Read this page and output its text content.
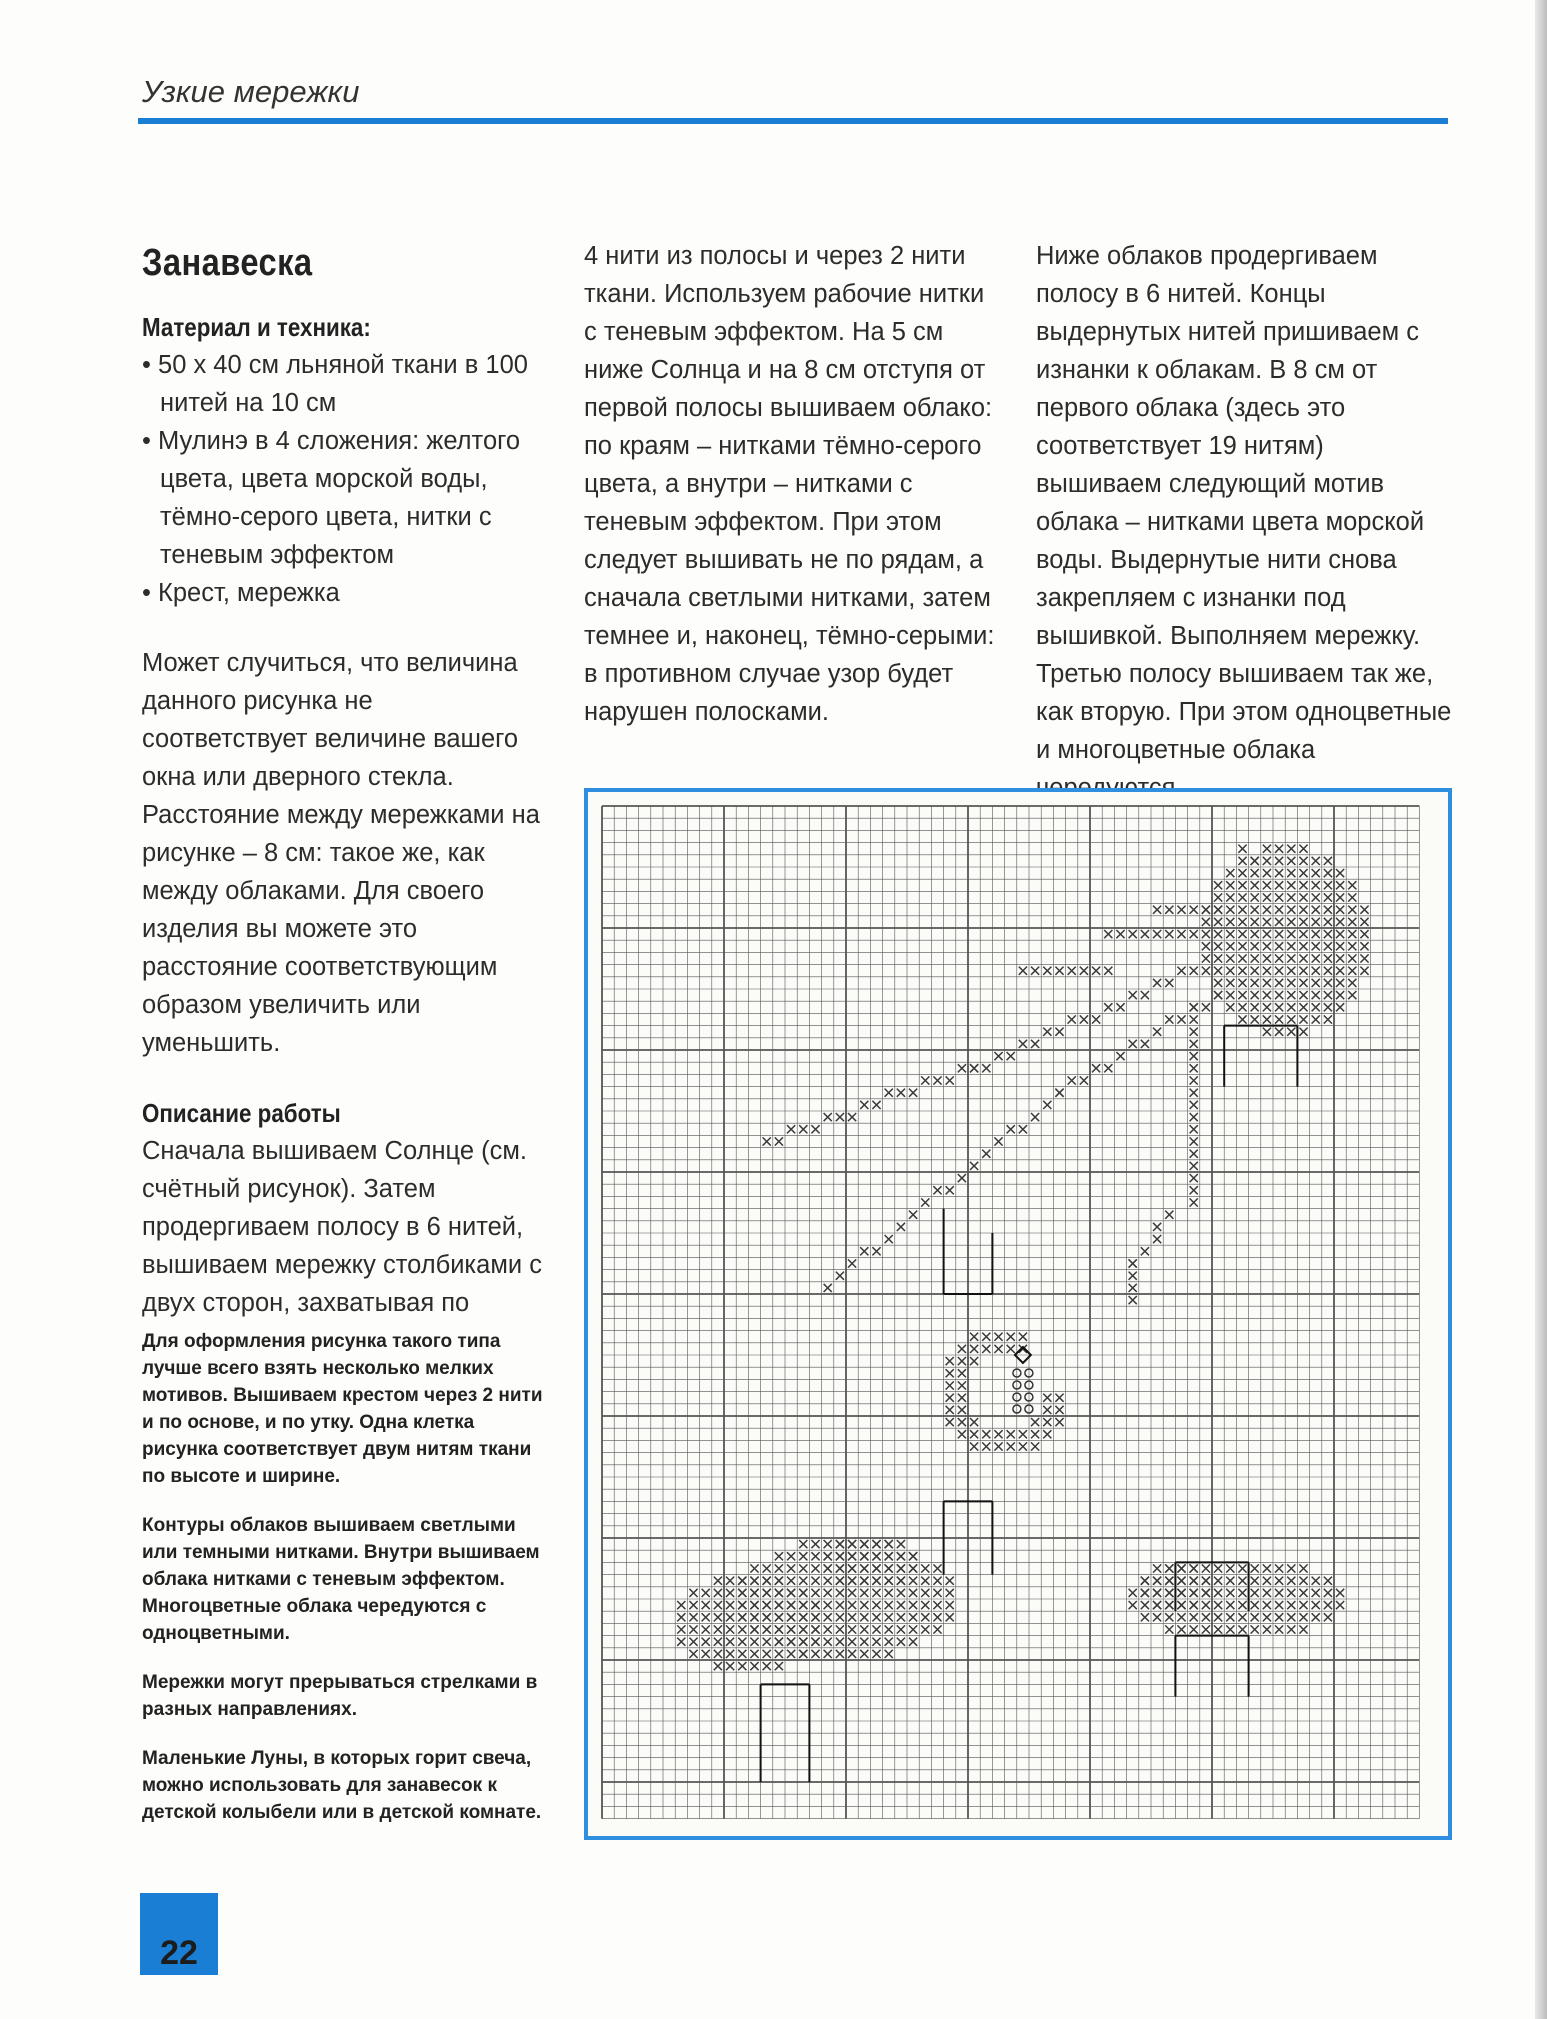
Узкие мережки
Занавеска

Материал и техника:

• 50 х 40 см льняной ткани в 100 нитей на 10 см
• Мулинэ в 4 сложения: желтого цвета, цвета морской воды, тёмно-серого цвета, нитки с теневым эффектом
• Крест, мережка

Может случиться, что величина данного рисунка не соответствует величине вашего окна или дверного стекла. Расстояние между мережками на рисунке – 8 см: такое же, как между облаками. Для своего изделия вы можете это расстояние соответствующим образом увеличить или уменьшить.

Описание работы

Сначала вышиваем Солнце (см. счётный рисунок). Затем продергиваем полосу в 6 нитей, вышиваем мережку столбиками с двух сторон, захватывая по

4 нити из полосы и через 2 нити ткани. Используем рабочие нитки с теневым эффектом. На 5 см ниже Солнца и на 8 см отступя от первой полосы вышиваем облако: по краям – нитками тёмно-серого цвета, а внутри – нитками с теневым эффектом. При этом следует вышивать не по рядам, а сначала светлыми нитками, затем темнее и, наконец, тёмно-серыми: в противном случае узор будет нарушен полосками.

Ниже облаков продергиваем полосу в 6 нитей. Концы выдернутых нитей пришиваем с изнанки к облакам. В 8 см от первого облака (здесь это соответствует 19 нитям) вышиваем следующий мотив облака – нитками цвета морской воды. Выдернутые нити снова закрепляем с изнанки под вышивкой. Выполняем мережку. Третью полосу вышиваем так же, как вторую. При этом одноцветные и многоцветные облака

Для оформления рисунка такого типа лучше всего взять несколько мелких мотивов. Вышиваем крестом через 2 нити и по основе, и по утку. Одна клетка рисунка соответствует двум нитям ткани по высоте и ширине.

Контуры облаков вышиваем светлыми или темными нитками. Внутри вышиваем облака нитками с теневым эффектом. Многоцветные облака чередуются с одноцветными.

Мережки могут прерываться стрелками в разных направлениях.

Маленькие Луны, в которых горит свеча, можно использовать для занавесок к детской колыбели или в детской комнате.

22
